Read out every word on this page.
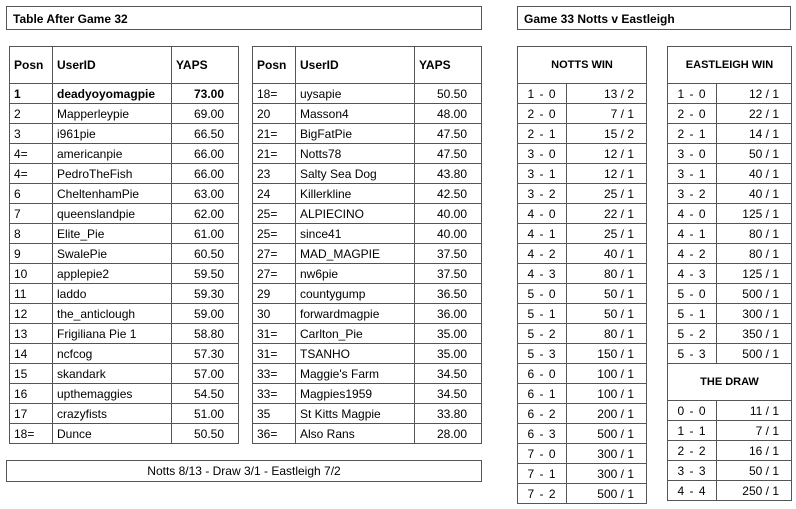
Table After Game 32	Game 33 Notts v Eastleigh
Posn	UserID	YAPS
1	deadyoyomagpie	73.00
2	Mapperleypie	69.00
3	i961pie	66.50
4=	americanpie	66.00
4=	PedroTheFish	66.00
6	CheltenhamPie	63.00
7	queenslandpie	62.00
8	Elite_Pie	61.00
9	SwalePie	60.50
10	applepie2	59.50
11	laddo	59.30
12	the_anticlough	59.00
13	Frigiliana Pie 1	58.80
14	ncfcog	57.30
15	skandark	57.00
16	upthemaggies	54.50
17	crazyfists	51.00
18=	Dunce	50.50
Posn	UserID	YAPS
18=	uysapie	50.50
20	Masson4	48.00
21=	BigFatPie	47.50
21=	Notts78	47.50
23	Salty Sea Dog	43.80
24	Killerkline	42.50
25=	ALPIECINO	40.00
25=	since41	40.00
27=	MAD_MAGPIE	37.50
27=	nw6pie	37.50
29	countygump	36.50
30	forwardmagpie	36.00
31=	Carlton_Pie	35.00
31=	TSANHO	35.00
33=	Maggie's Farm	34.50
33=	Magpies1959	34.50
35	St Kitts Magpie	33.80
36=	Also Rans	28.00
NOTTS WIN	
1 - 0	13 / 2
2 - 0	7 / 1
2 - 1	15 / 2
3 - 0	12 / 1
3 - 1	12 / 1
3 - 2	25 / 1
4 - 0	22 / 1
4 - 1	25 / 1
4 - 2	40 / 1
4 - 3	80 / 1
5 - 0	50 / 1
5 - 1	50 / 1
5 - 2	80 / 1
5 - 3	150 / 1
6 - 0	100 / 1
6 - 1	100 / 1
6 - 2	200 / 1
6 - 3	500 / 1
7 - 0	300 / 1
7 - 1	300 / 1
7 - 2	500 / 1
EASTLEIGH WIN	
1 - 0	12 / 1
2 - 0	22 / 1
2 - 1	14 / 1
3 - 0	50 / 1
3 - 1	40 / 1
3 - 2	40 / 1
4 - 0	125 / 1
4 - 1	80 / 1
4 - 2	80 / 1
4 - 3	125 / 1
5 - 0	500 / 1
5 - 1	300 / 1
5 - 2	350 / 1
5 - 3	500 / 1
THE DRAW	
0 - 0	11 / 1
1 - 1	7 / 1
2 - 2	16 / 1
3 - 3	50 / 1
4 - 4	250 / 1
Notts 8/13 - Draw 3/1 - Eastleigh 7/2
